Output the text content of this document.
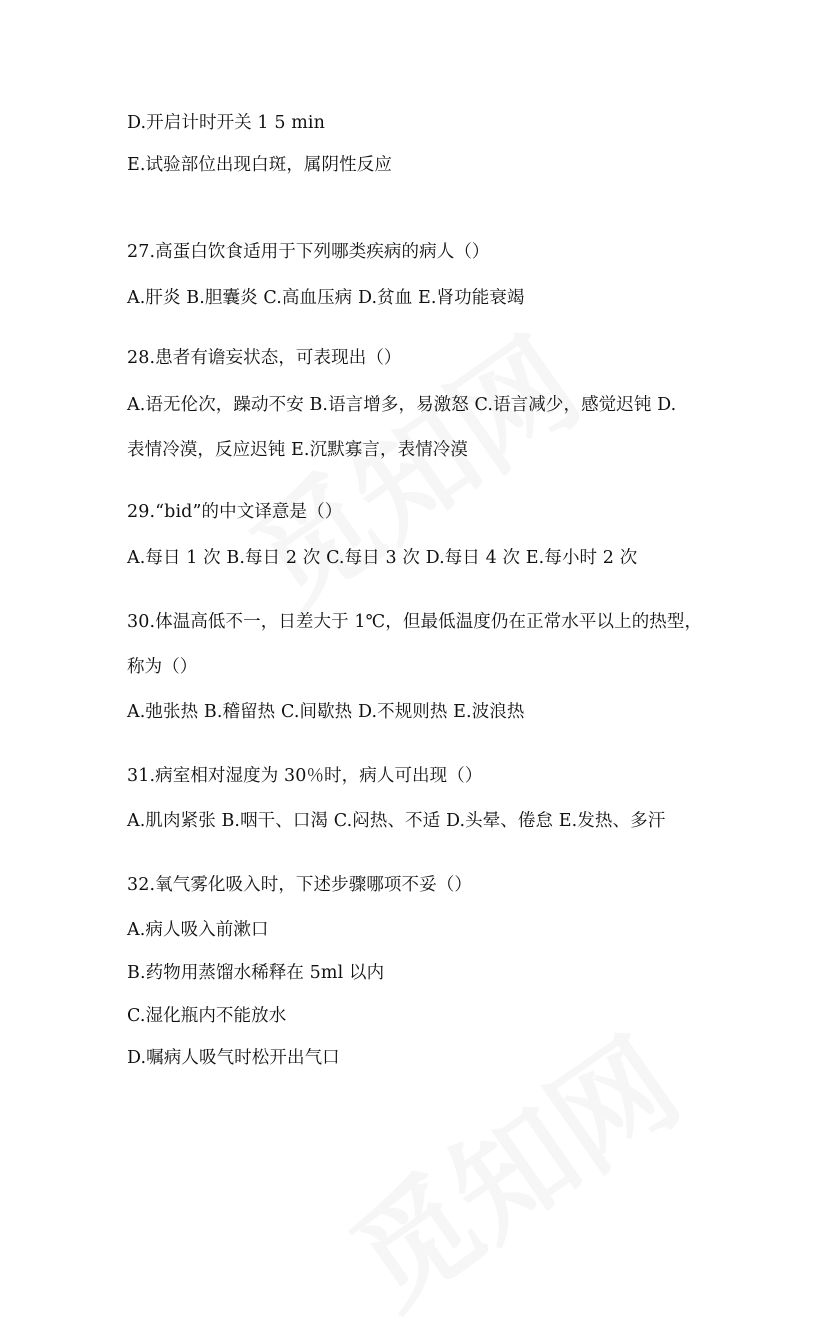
D.开启计时开关 1 5 min
E.试验部位出现白斑，属阴性反应
27.高蛋白饮食适用于下列哪类疾病的病人（）
A.肝炎 B.胆囊炎 C.高血压病 D.贫血 E.肾功能衰竭
28.患者有谵妄状态，可表现出（）
A.语无伦次，躁动不安 B.语言增多，易激怒 C.语言减少，感觉迟钝 D.
表情冷漠，反应迟钝 E.沉默寡言，表情冷漠
29.“bid”的中文译意是（）
A.每日 1 次 B.每日 2 次 C.每日 3 次 D.每日 4 次 E.每小时 2 次
30.体温高低不一，日差大于 1℃，但最低温度仍在正常水平以上的热型，
称为（）
A.弛张热 B.稽留热 C.间歇热 D.不规则热 E.波浪热
31.病室相对湿度为 30％时，病人可出现（）
A.肌肉紧张 B.咽干、口渴 C.闷热、不适 D.头晕、倦怠 E.发热、多汗
32.氧气雾化吸入时，下述步骤哪项不妥（）
A.病人吸入前漱口
B.药物用蒸馏水稀释在 5ml 以内
C.湿化瓶内不能放水
D.嘱病人吸气时松开出气口
